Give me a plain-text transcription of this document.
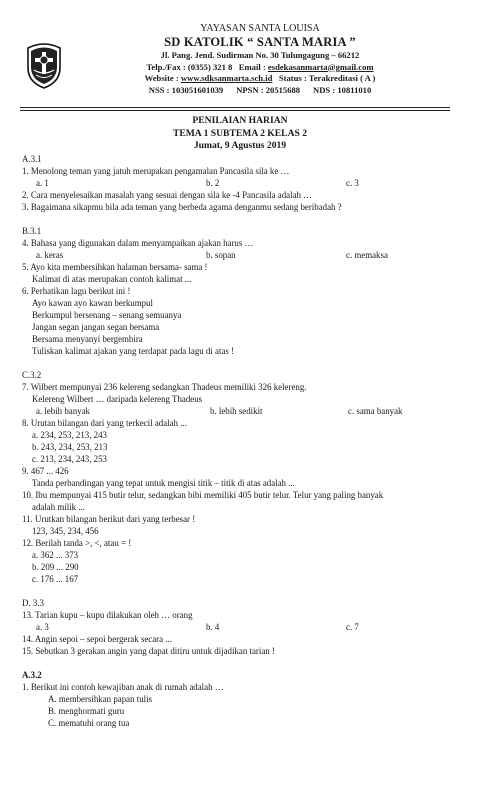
YAYASAN SANTA LOUISA
SD KATOLIK “ SANTA MARIA ”
Jl. Pang. Jend. Sudirman No. 30 Tulungagung – 66212
Telp./Fax : (0355) 321 8 Email : esdekasanmarta@gmail.com
Website : www.sdksanmarta.sch.id Status : Terakreditasi ( A )
NSS : 103051601039 NPSN : 20515688 NDS : 10811010
PENILAIAN HARIAN
TEMA 1 SUBTEMA 2 KELAS 2
Jumat, 9 Agustus 2019
A.3.1
1. Menolong teman yang jatuh merupakan pengamalan Pancasila sila ke …
a. 1	b. 2	c. 3
2. Cara menyelesaikan masalah yang sesuai dengan sila ke -4 Pancasila adalah …
3. Bagaimana sikapmu bila ada teman yang berbeda agama denganmu sedang beribadah ?
B.3.1
4. Bahasa yang digunakan dalam menyampaikan ajakan harus …
a. keras	b. sopan	c. memaksa
5. Ayo kita membersihkan halaman bersama- sama !
Kalimat di atas merupakan contoh kalimat ...
6. Perhatikan lagu berikut ini !
Ayo kawan ayo kawan berkumpul
Berkumpul bersenang – senang semuanya
Jangan segan jangan segan bersama
Bersama menyanyi bergembira
Tuliskan kalimat ajakan yang terdapat pada lagu di atas !
C.3.2
7. Wilbert mempunyai 236 kelereng sedangkan Thadeus memiliki 326 kelereng.
Kelereng Wilbert … daripada kelereng Thadeus
a. lebih banyak	b. lebih sedikit	c. sama banyak
8. Urutan bilangan dari yang terkecil adalah ...
a. 234, 253, 213, 243
b. 243, 234, 253, 213
c. 213, 234, 243, 253
9. 467 ... 426
Tanda perbandingan yang tepat untuk mengisi titik – titik di atas adalah ...
10. Ibu mempunyai 415 butir telur, sedangkan bibi memiliki 405 butir telur. Telur yang paling banyak
adalah milik ...
11. Urutkan bilangan berikut dari yang terbesar !
123, 345, 234, 456
12. Berilah tanda >, <, atau = !
a. 362 ... 373
b. 209 ... 290
c. 176 ... 167
D. 3.3
13. Tarian kupu – kupu dilakukan oleh … orang
a. 3	b. 4	c. 7
14. Angin sepoi – sepoi bergerak secara ...
15. Sebutkan 3 gerakan angin yang dapat ditiru untuk dijadikan tarian !
A.3.2
1. Berikut ini contoh kewajiban anak di rumah adalah …
A. membersihkan papan tulis
B. menghormati guru
C. mematuhi orang tua
